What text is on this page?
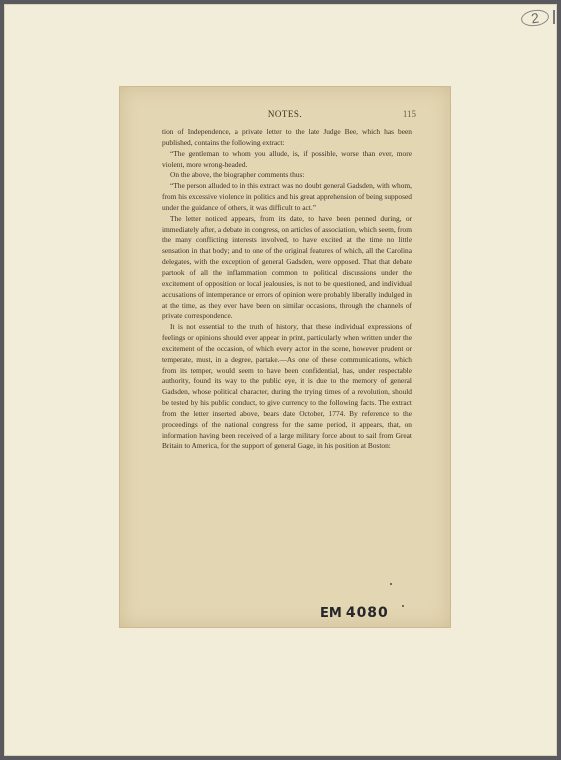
2
NOTES.	115

tion of Independence, a private letter to the late Judge Bee, which has been published, contains the following extract:

“The gentleman to whom you allude, is, if possible, worse than ever, more violent, more wrong-headed.

On the above, the biographer comments thus:

“The person alluded to in this extract was no doubt general Gadsden, with whom, from his excessive violence in politics and his great apprehension of being supposed under the guidance of others, it was difficult to act.”

The letter noticed appears, from its date, to have been penned during, or immediately after, a debate in congress, on articles of association, which seem, from the many conflicting interests involved, to have excited at the time no little sensation in that body; and to one of the original features of which, all the Carolina delegates, with the exception of general Gadsden, were opposed. That that debate partook of all the inflammation common to political discussions under the excitement of opposition or local jealousies, is not to be questioned, and individual accusations of intemperance or errors of opinion were probably liberally indulged in at the time, as they ever have been on similar occasions, through the channels of private correspondence.

It is not essential to the truth of history, that these individual expressions of feelings or opinions should ever appear in print, particularly when written under the excitement of the occasion, of which every actor in the scene, however prudent or temperate, must, in a degree, partake.—As one of these communications, which from its temper, would seem to have been confidential, has, under respectable authority, found its way to the public eye, it is due to the memory of general Gadsden, whose political character, during the trying times of a revolution, should be tested by his public conduct, to give currency to the following facts. The extract from the letter inserted above, bears date October, 1774. By reference to the proceedings of the national congress for the same period, it appears, that, on information having been received of a large military force about to sail from Great Britain to America, for the support of general Gage, in his position at Boston:

EM 4080
